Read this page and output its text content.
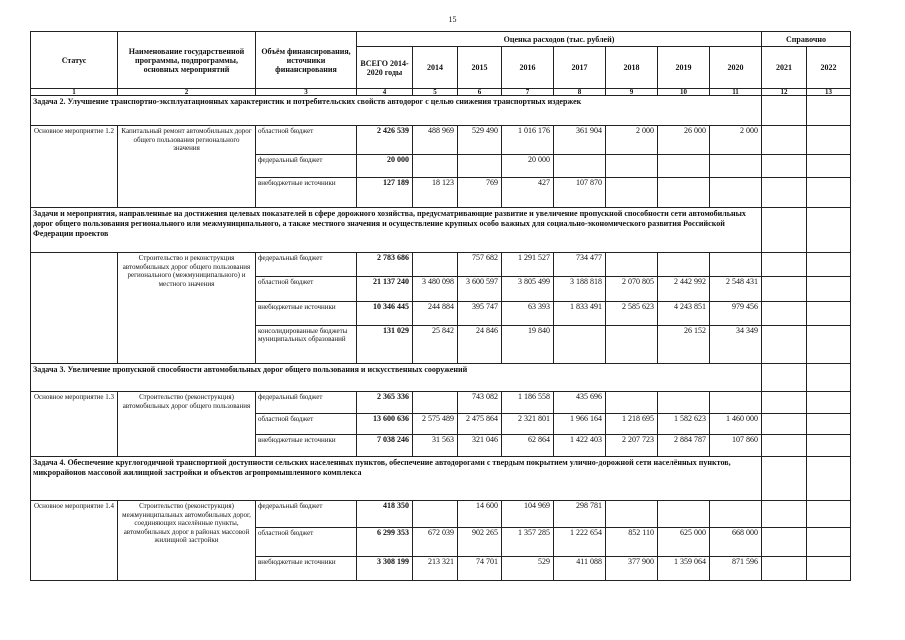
15
Статус	Наименование государственной программы, подпрограммы, основных мероприятий	Объём финансирования, источники финансирования	Оценка расходов (тыс. рублей)								Справочно	
			ВСЕГО 2014-2020 годы	2014	2015	2016	2017	2018	2019	2020	2021	2022
1	2	3	4	5	6	7	8	9	10	11	12	13
Задача 2. Улучшение транспортно-эксплуатационных характеристик и потребительских свойств автодорог с целью снижения транспортных издержек												
Основное мероприятие 1.2	Капитальный ремонт автомобильных дорог общего пользования регионального значения	областной бюджет	2 426 539	488 969	529 490	1 016 176	361 904	2 000	26 000	2 000		
		федеральный бюджет	20 000			20 000						
		внебюджетные источники	127 189	18 123	769	427	107 870					
Задачи и мероприятия, направленные на достижения целевых показателей в сфере дорожного хозяйства, предусматривающие развитие и увеличение пропускной способности сети автомобильных дорог общего пользования регионального или межмуниципального, а также местного значения и осуществление крупных особо важных для социально-экономического развития Российской Федерации проектов												
	Строительство и реконструкция автомобильных дорог общего пользования регионального (межмуниципального) и местного значения	федеральный бюджет	2 783 686		757 682	1 291 527	734 477					
		областной бюджет	21 137 240	3 480 098	3 600 597	3 805 499	3 188 818	2 070 805	2 442 992	2 548 431		
		внебюджетные источники	10 346 445	244 884	395 747	63 393	1 833 491	2 585 623	4 243 851	979 456		
		консолидированные бюджеты муниципальных образований	131 029	25 842	24 846	19 840			26 152	34 349		
Задача 3. Увеличение пропускной способности автомобильных дорог общего пользования и искусственных сооружений												
Основное мероприятие 1.3	Строительство (реконструкция) автомобильных дорог общего пользования	федеральный бюджет	2 365 336		743 082	1 186 558	435 696					
		областной бюджет	13 600 636	2 575 489	2 475 864	2 321 801	1 966 164	1 218 695	1 582 623	1 460 000		
		внебюджетные источники	7 038 246	31 563	321 046	62 864	1 422 403	2 207 723	2 884 787	107 860		
Задача 4. Обеспечение круглогодичной транспортной доступности сельских населенных пунктов, обеспечение автодорогами с твердым покрытием улично-дорожной сети населённых пунктов, микрорайонов массовой жилищной застройки и объектов агропромышленного комплекса												
Основное мероприятие 1.4	Строительство (реконструкция) межмуниципальных автомобильных дорог, соединяющих населённые пункты, автомобильных дорог в районах массовой жилищной застройки	федеральный бюджет	418 350		14 600	104 969	298 781					
		областной бюджет	6 299 353	672 039	902 265	1 357 285	1 222 654	852 110	625 000	668 000		
		внебюджетные источники	3 308 199	213 321	74 701	529	411 088	377 900	1 359 064	871 596		
